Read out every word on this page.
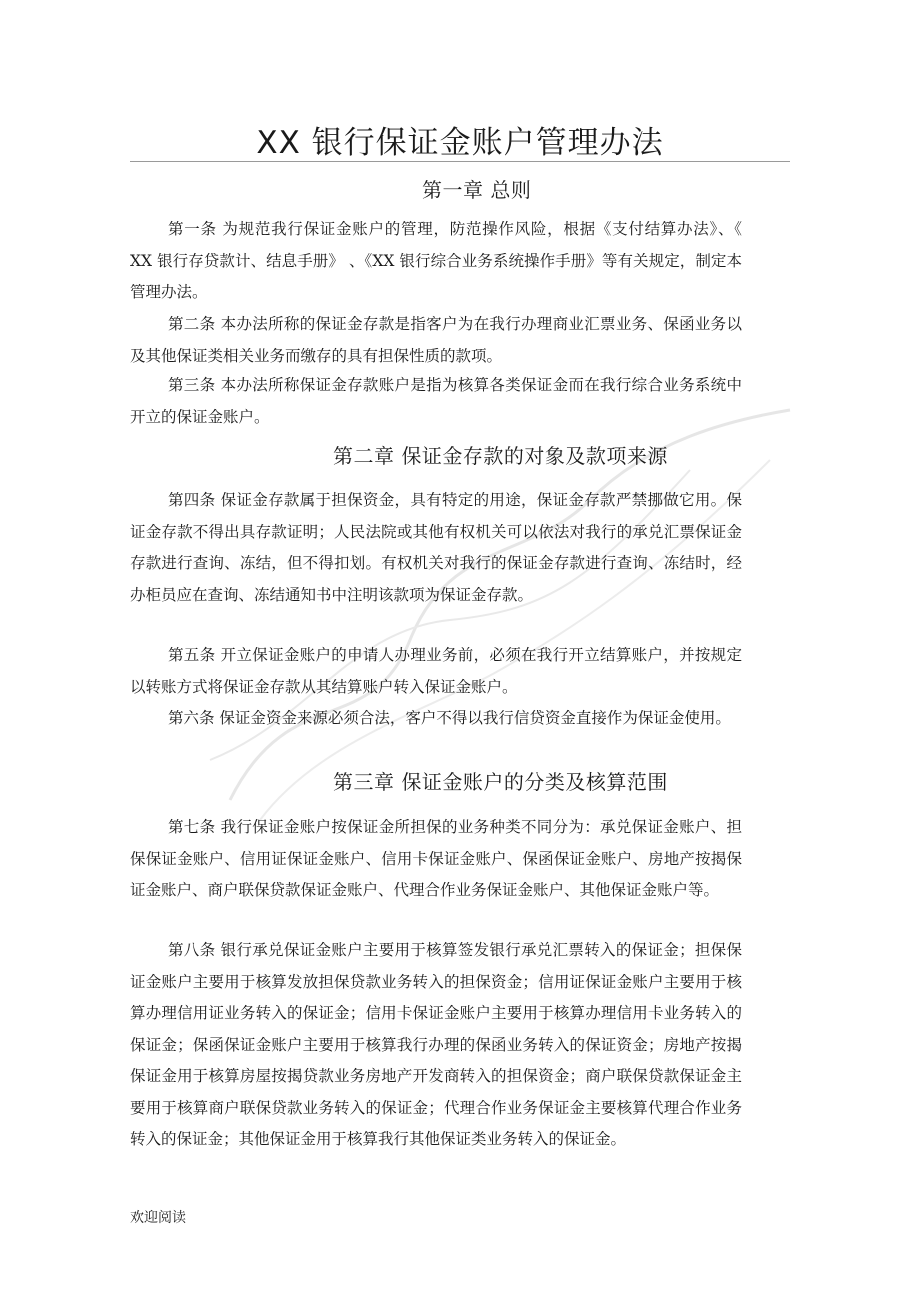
XX 银行保证金账户管理办法
第一章 总则

第一条 为规范我行保证金账户的管理，防范操作风险，根据《支付结算办法》、《 XX 银行存贷款计、结息手册》 、《XX 银行综合业务系统操作手册》等有关规定，制定本管理办法。

第二条 本办法所称的保证金存款是指客户为在我行办理商业汇票业务、保函业务以及其他保证类相关业务而缴存的具有担保性质的款项。

第三条 本办法所称保证金存款账户是指为核算各类保证金而在我行综合业务系统中开立的保证金账户。

第二章 保证金存款的对象及款项来源

第四条 保证金存款属于担保资金，具有特定的用途，保证金存款严禁挪做它用。保证金存款不得出具存款证明；人民法院或其他有权机关可以依法对我行的承兑汇票保证金存款进行查询、冻结，但不得扣划。有权机关对我行的保证金存款进行查询、冻结时，经办柜员应在查询、冻结通知书中注明该款项为保证金存款。

第五条 开立保证金账户的申请人办理业务前，必须在我行开立结算账户，并按规定以转账方式将保证金存款从其结算账户转入保证金账户。

第六条 保证金资金来源必须合法，客户不得以我行信贷资金直接作为保证金使用。

第三章 保证金账户的分类及核算范围

第七条 我行保证金账户按保证金所担保的业务种类不同分为：承兑保证金账户、担保保证金账户、信用证保证金账户、信用卡保证金账户、保函保证金账户、房地产按揭保证金账户、商户联保贷款保证金账户、代理合作业务保证金账户、其他保证金账户等。

第八条 银行承兑保证金账户主要用于核算签发银行承兑汇票转入的保证金；担保保证金账户主要用于核算发放担保贷款业务转入的担保资金；信用证保证金账户主要用于核算办理信用证业务转入的保证金；信用卡保证金账户主要用于核算办理信用卡业务转入的保证金；保函保证金账户主要用于核算我行办理的保函业务转入的保证资金；房地产按揭保证金用于核算房屋按揭贷款业务房地产开发商转入的担保资金；商户联保贷款保证金主要用于核算商户联保贷款业务转入的保证金；代理合作业务保证金主要核算代理合作业务转入的保证金；其他保证金用于核算我行其他保证类业务转入的保证金。

欢迎阅读
